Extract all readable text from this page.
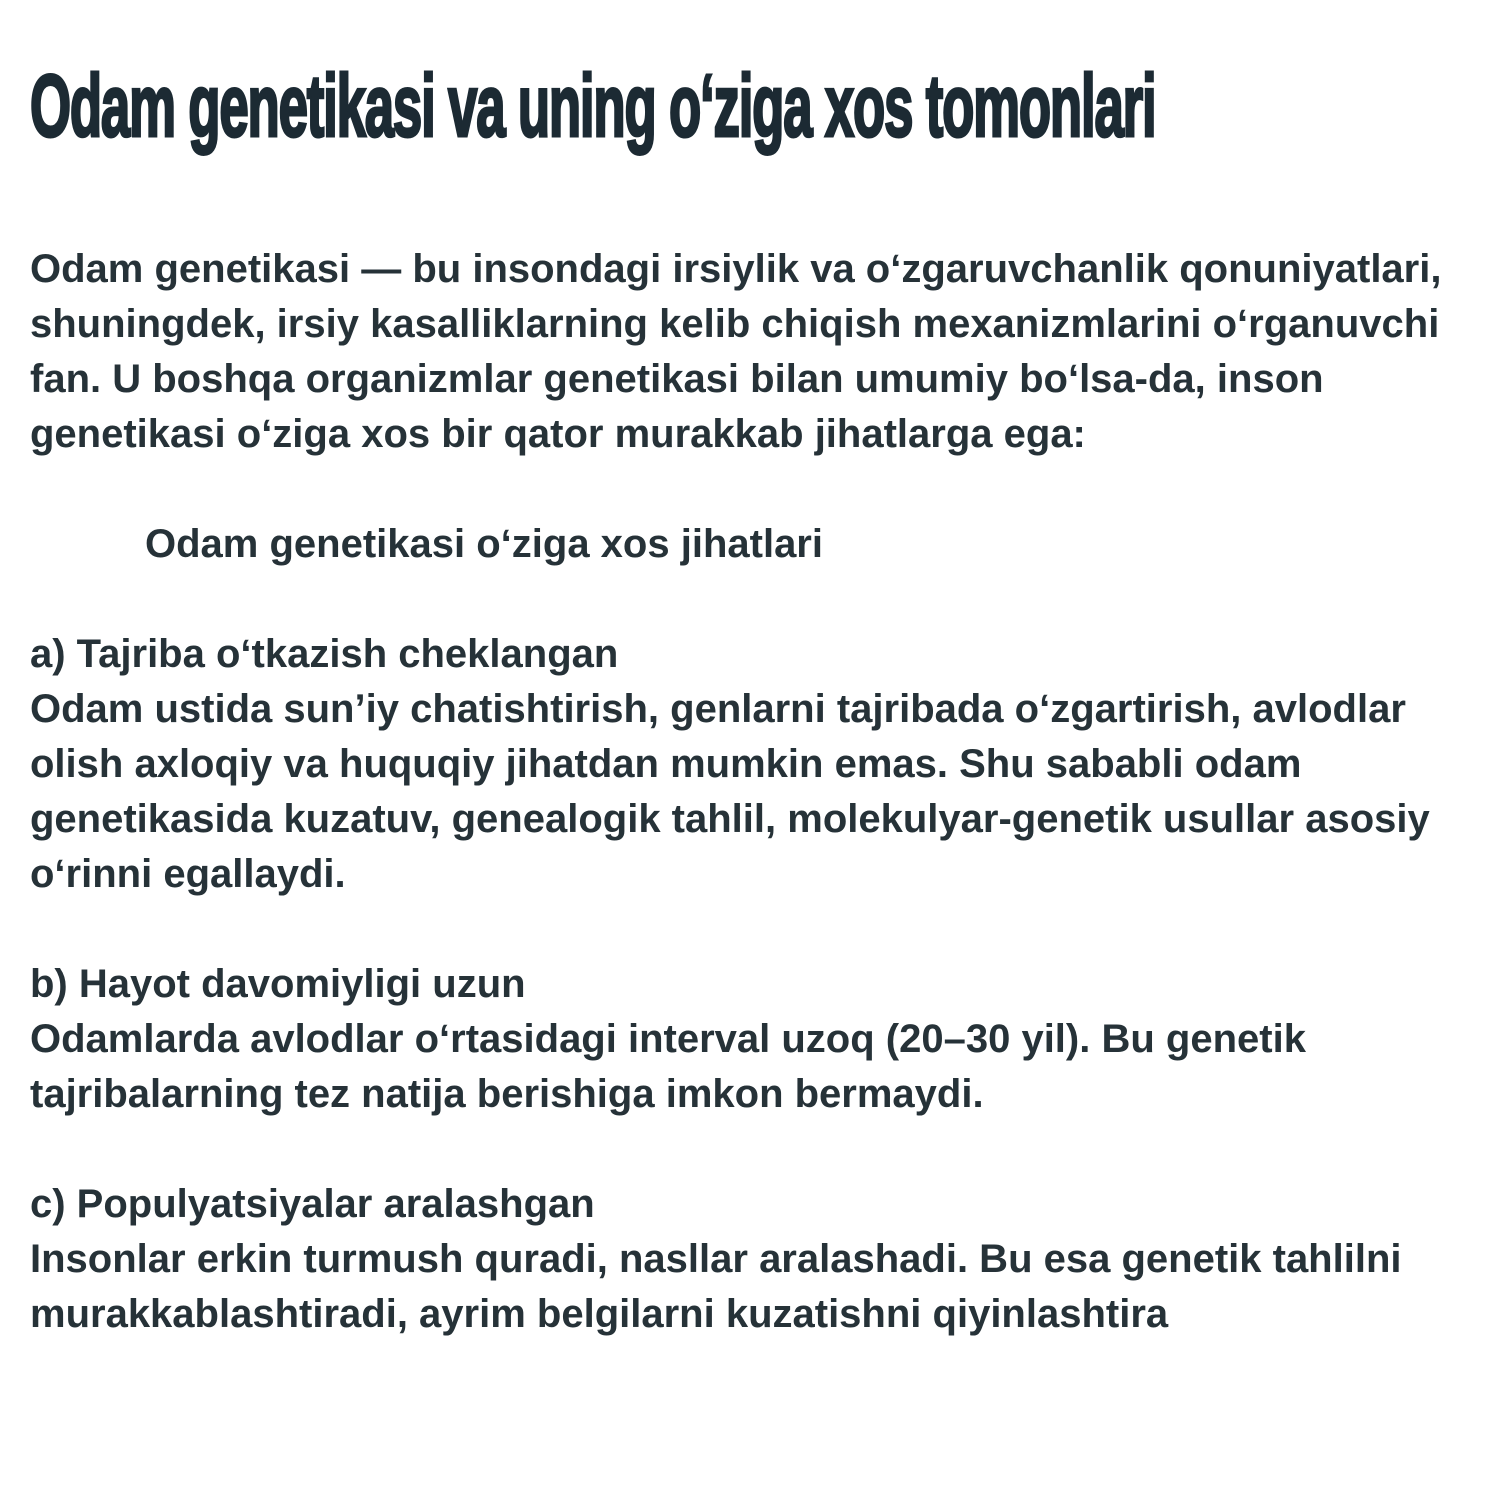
Odam genetikasi va uning o‘ziga xos tomonlari

Odam genetikasi — bu insondagi irsiylik va o‘zgaruvchanlik qonuniyatlari, shuningdek, irsiy kasalliklarning kelib chiqish mexanizmlarini o‘rganuvchi fan. U boshqa organizmlar genetikasi bilan umumiy bo‘lsa-da, inson genetikasi o‘ziga xos bir qator murakkab jihatlarga ega:

Odam genetikasi o‘ziga xos jihatlari

a) Tajriba o‘tkazish cheklangan

Odam ustida sun’iy chatishtirish, genlarni tajribada o‘zgartirish, avlodlar olish axloqiy va huquqiy jihatdan mumkin emas. Shu sababli odam genetikasida kuzatuv, genealogik tahlil, molekulyar-genetik usullar asosiy o‘rinni egallaydi.

b) Hayot davomiyligi uzun

Odamlarda avlodlar o‘rtasidagi interval uzoq (20–30 yil). Bu genetik tajribalarning tez natija berishiga imkon bermaydi.

c) Populyatsiyalar aralashgan

Insonlar erkin turmush quradi, nasllar aralashadi. Bu esa genetik tahlilni murakkablashtiradi, ayrim belgilarni kuzatishni qiyinlashtira
